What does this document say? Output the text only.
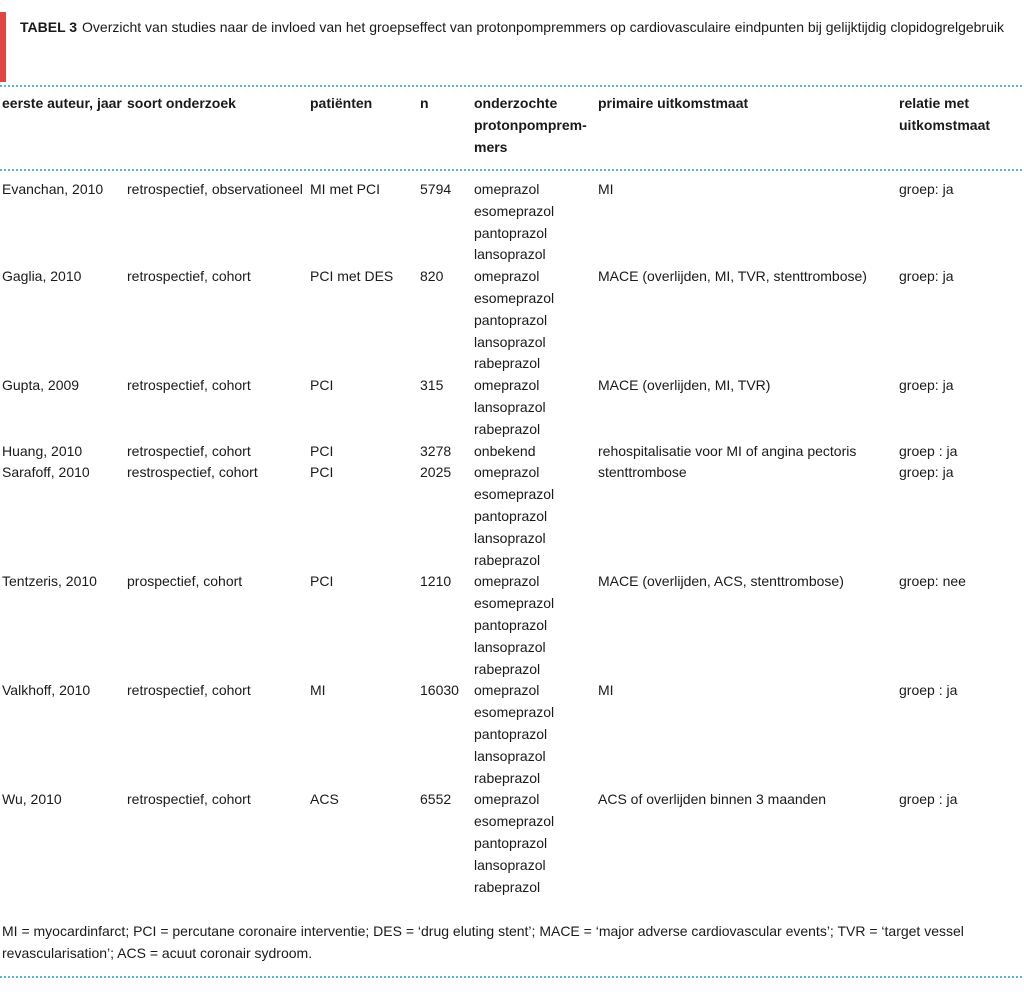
TABEL 3 Overzicht van studies naar de invloed van het groepseffect van protonpompremmers op cardiovasculaire eindpunten bij gelijktijdig clopidogrelgebruik
eerste auteur, jaar	soort onderzoek	patiënten	n	onderzochte protonpomprem-mers	primaire uitkomstmaat	relatie met uitkomstmaat
Evanchan, 2010	retrospectief, observationeel	MI met PCI	5794	omeprazol
esomeprazol
pantoprazol
lansoprazol	MI	groep: ja
Gaglia, 2010	retrospectief, cohort	PCI met DES	820	omeprazol
esomeprazol
pantoprazol
lansoprazol
rabeprazol	MACE (overlijden, MI, TVR, stenttrombose)	groep: ja
Gupta, 2009	retrospectief, cohort	PCI	315	omeprazol
lansoprazol
rabeprazol	MACE (overlijden, MI, TVR)	groep: ja
Huang, 2010	retrospectief, cohort	PCI	3278	onbekend	rehospitalisatie voor MI of angina pectoris	groep : ja
Sarafoff, 2010	restrospectief, cohort	PCI	2025	omeprazol
esomeprazol
pantoprazol
lansoprazol
rabeprazol	stenttrombose	groep: ja
Tentzeris, 2010	prospectief, cohort	PCI	1210	omeprazol
esomeprazol
pantoprazol
lansoprazol
rabeprazol	MACE (overlijden, ACS, stenttrombose)	groep: nee
Valkhoff, 2010	retrospectief, cohort	MI	16030	omeprazol
esomeprazol
pantoprazol
lansoprazol
rabeprazol	MI	groep : ja
Wu, 2010	retrospectief, cohort	ACS	6552	omeprazol
esomeprazol
pantoprazol
lansoprazol
rabeprazol	ACS of overlijden binnen 3 maanden	groep : ja
MI = myocardinfarct; PCI = percutane coronaire interventie; DES = ‘drug eluting stent’; MACE = ‘major adverse cardiovascular events’; TVR = ‘target vessel revascularisation’; ACS = acuut coronair sydroom.
